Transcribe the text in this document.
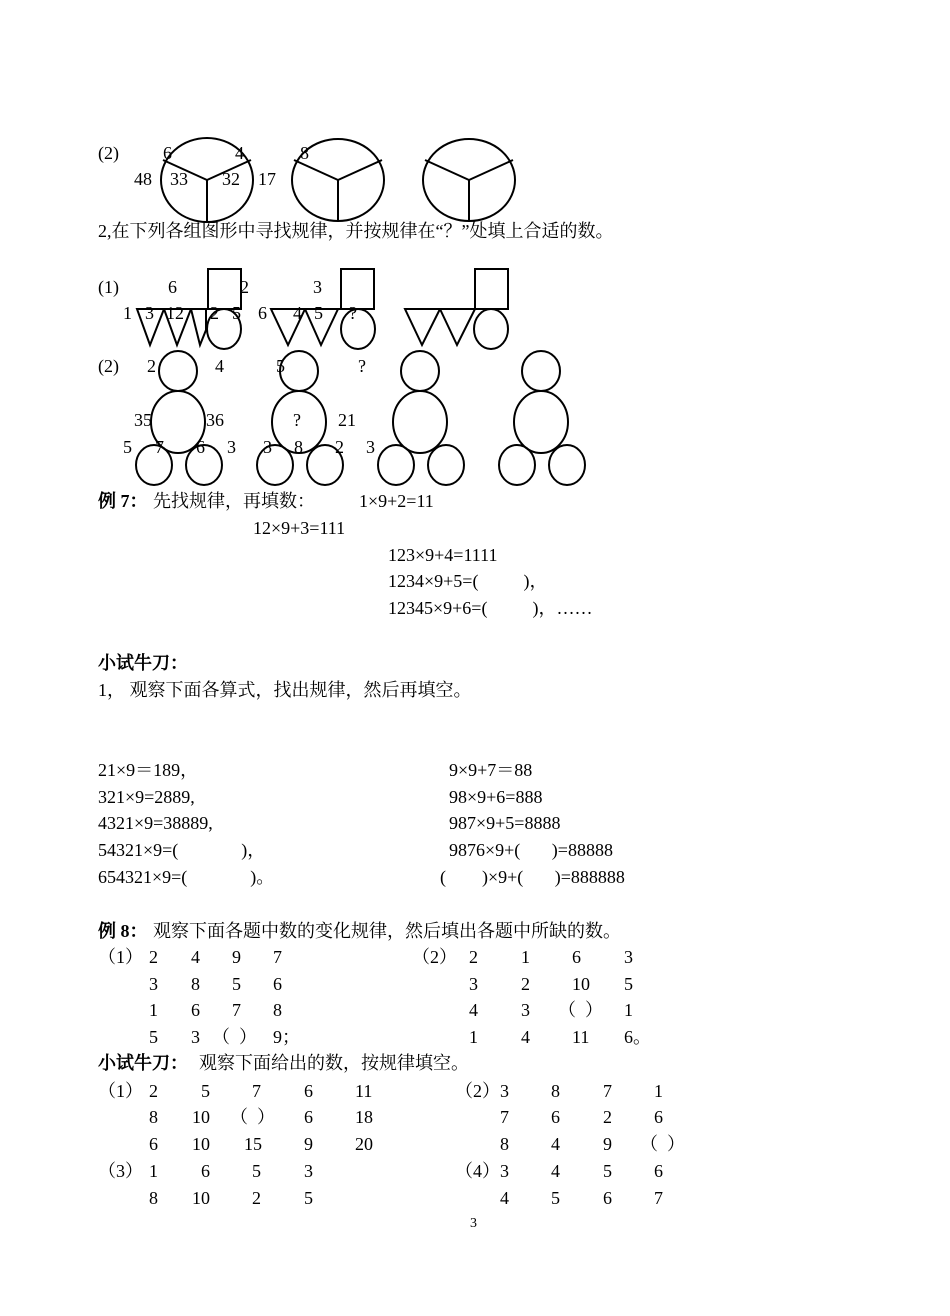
(2) 6	4	8
48 33 32 17
2,在下列各组图形中寻找规律，并按规律在“？”处填上合适的数。
(1)	6	2	3
1 3 12 2 5 6 4 5 ?
(2) 2	4	5	?
35	36	? 21
5 7 6 3 3 8 2 3
例 7： 先找规律，再填数： 1×9+2=11
12×9+3=111
123×9+4=1111
1234×9+5=(          )，
12345×9+6=(          )，……
小试牛刀：
1， 观察下面各算式，找出规律，然后再填空。
21×9＝189，
321×9=2889,
4321×9=38889,
54321×9=(              )，
654321×9=(              )。
9×9+7＝88
98×9+6=888
987×9+5=8888
9876×9+(       )=88888
(        )×9+(       )=888888
例 8： 观察下面各题中数的变化规律，然后填出各题中所缺的数。
（1） 2 4 9 7
3 8 5 6
1 6 7 8
5 3 （  ） 9；
（2） 2 1 6 3
3 2 10 5
4 3 （  ） 1
1 4 11 6。
小试牛刀： 观察下面给出的数，按规律填空。
（1） 2 5 7 6 11
8 10 （  ） 6 18
6 10 15 9 20
（2） 3 8 7 1
7 6 2 6
8 4 9 （  ）
（3） 1 6 5 3
8 10 2 5
（4） 3 4 5 6
4 5 6 7
3
